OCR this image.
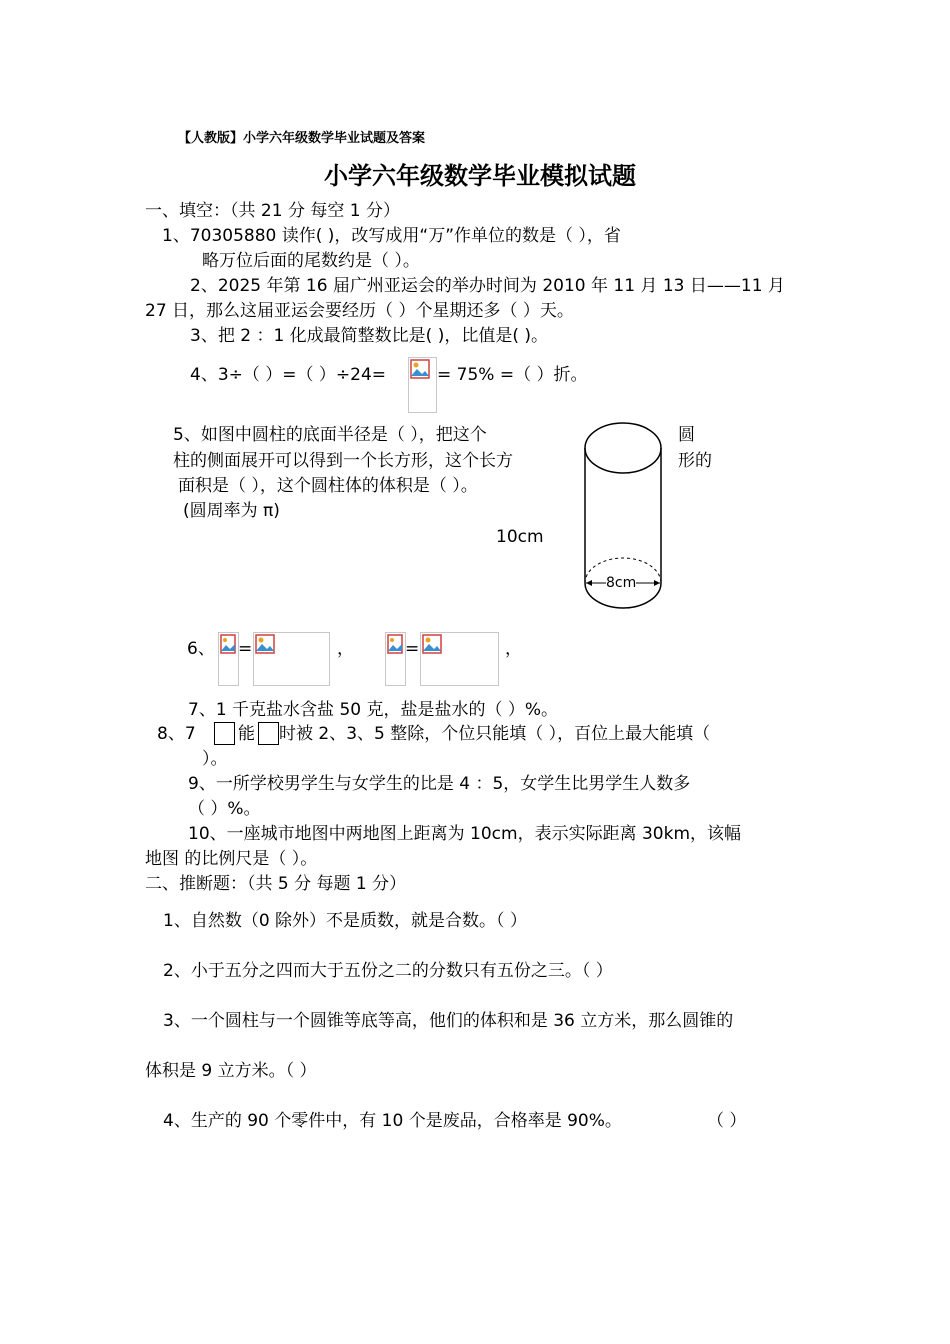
【人教版】小学六年级数学毕业试题及答案
小学六年级数学毕业模拟试题
一、填空：（共 21 分 每空 1 分）
1、70305880 读作( )，改写成用“万”作单位的数是（ ），省
略万位后面的尾数约是（ ）。
2、2025 年第 16 届广州亚运会的举办时间为 2010 年 11 月 13 日——11 月
27 日，那么这届亚运会要经历（ ）个星期还多（ ）天。
3、把 2 ：1 化成最简整数比是( )，比值是( )。
4、3÷（ ）=（ ）÷24=	= 75% =（ ）折。
5、如图中圆柱的底面半径是（ ），把这个
柱的侧面展开可以得到一个长方形，这个长方
面积是（ ），这个圆柱体的体积是（ ）。
(圆周率为 π)
圆
形的
10cm
8cm
6、 =	，	=	，
7、1 千克盐水含盐 50 克，盐是盐水的（ ）%。
8、7 能 时被 2、3、5 整除，个位只能填（ ），百位上最大能填（
）。
9、一所学校男学生与女学生的比是 4 ：5，女学生比男学生人数多
（ ）%。
10、一座城市地图中两地图上距离为 10cm，表示实际距离 30km，该幅
地图 的比例尺是（ ）。
二、推断题：（共 5 分 每题 1 分）
1、自然数（0 除外）不是质数，就是合数。（ ）
2、小于五分之四而大于五份之二的分数只有五份之三。（ ）
3、一个圆柱与一个圆锥等底等高，他们的体积和是 36 立方米，那么圆锥的
体积是 9 立方米。（ ）
4、生产的 90 个零件中，有 10 个是废品，合格率是 90%。	（ ）
